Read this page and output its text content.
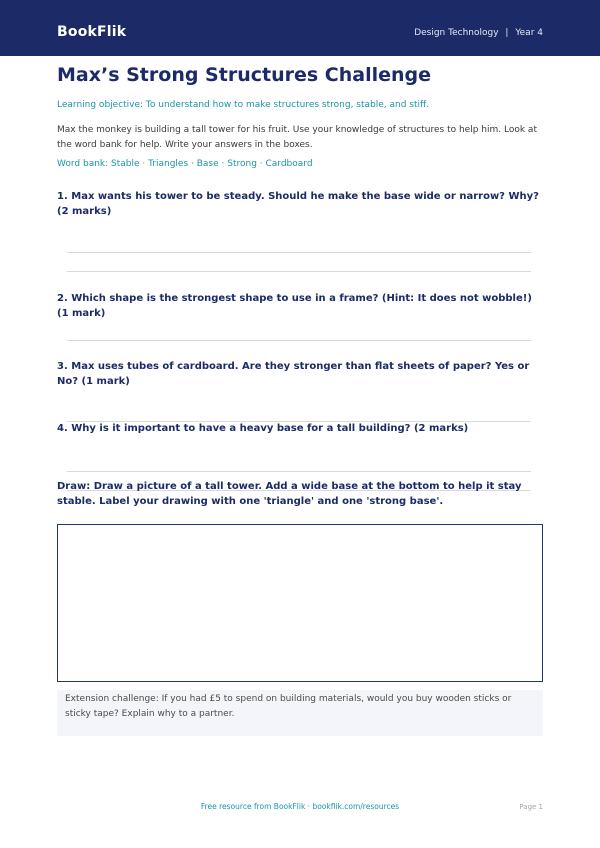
BookFlik	Design Technology | Year 4
Max’s Strong Structures Challenge
Learning objective: To understand how to make structures strong, stable, and stiff.
Max the monkey is building a tall tower for his fruit. Use your knowledge of structures to help him. Look at the word bank for help. Write your answers in the boxes.
Word bank: Stable · Triangles · Base · Strong · Cardboard
1. Max wants his tower to be steady. Should he make the base wide or narrow? Why? (2 marks)
2. Which shape is the strongest shape to use in a frame? (Hint: It does not wobble!) (1 mark)
3. Max uses tubes of cardboard. Are they stronger than flat sheets of paper? Yes or No? (1 mark)
4. Why is it important to have a heavy base for a tall building? (2 marks)
Draw: Draw a picture of a tall tower. Add a wide base at the bottom to help it stay stable. Label your drawing with one 'triangle' and one 'strong base'.
Extension challenge: If you had £5 to spend on building materials, would you buy wooden sticks or sticky tape? Explain why to a partner.
Free resource from BookFlik · bookflik.com/resources	Page 1
